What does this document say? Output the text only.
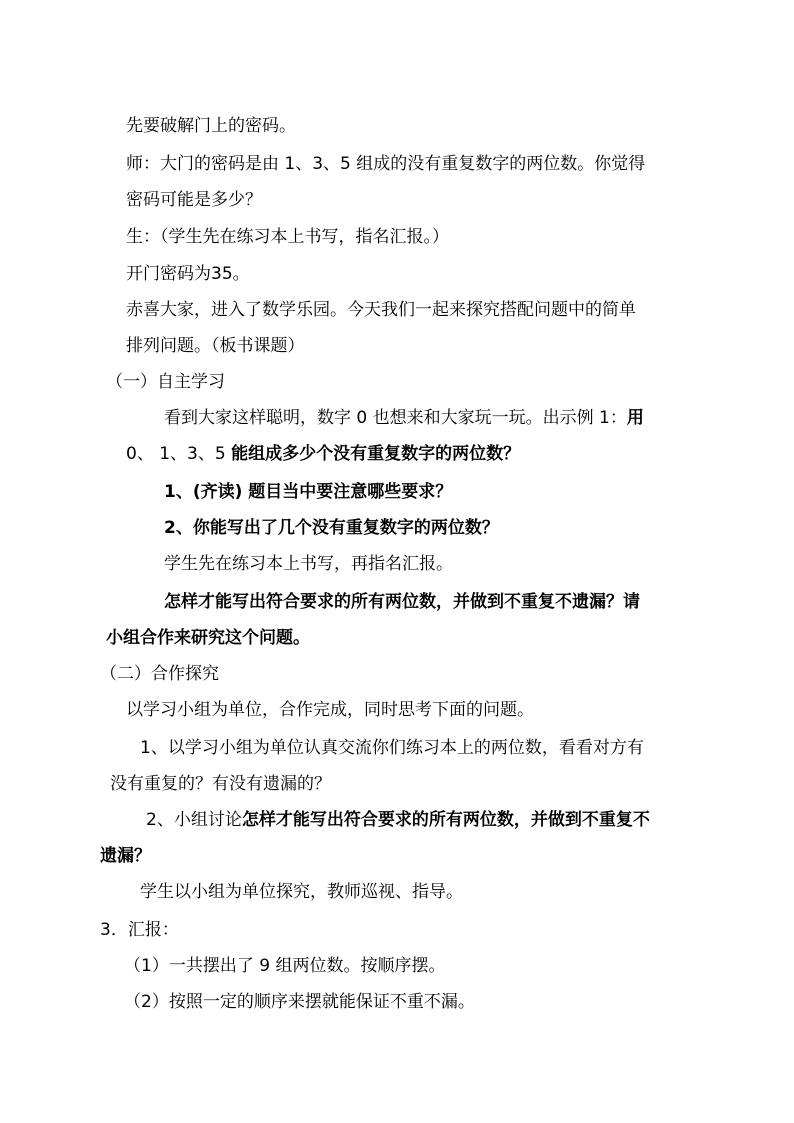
先要破解门上的密码。
师：大门的密码是由 1、3、5 组成的没有重复数字的两位数。你觉得
密码可能是多少？
生：（学生先在练习本上书写，指名汇报。）
开门密码为35。
赤喜大家，进入了数学乐园。今天我们一起来探究搭配问题中的简单
排列问题。（板书课题）
（一）自主学习
看到大家这样聪明，数字 0 也想来和大家玩一玩。出示例 1：用
0、 1、3、5 能组成多少个没有重复数字的两位数？
1、(齐读) 题目当中要注意哪些要求？
2、你能写出了几个没有重复数字的两位数？
学生先在练习本上书写，再指名汇报。
怎样才能写出符合要求的所有两位数，并做到不重复不遗漏？请
小组合作来研究这个问题。
（二）合作探究
以学习小组为单位，合作完成，同时思考下面的问题。
1、以学习小组为单位认真交流你们练习本上的两位数，看看对方有
没有重复的？有没有遗漏的？
2、小组讨论怎样才能写出符合要求的所有两位数，并做到不重复不
遗漏？
学生以小组为单位探究，教师巡视、指导。
3．汇报：
（1）一共摆出了 9 组两位数。按顺序摆。
（2）按照一定的顺序来摆就能保证不重不漏。
